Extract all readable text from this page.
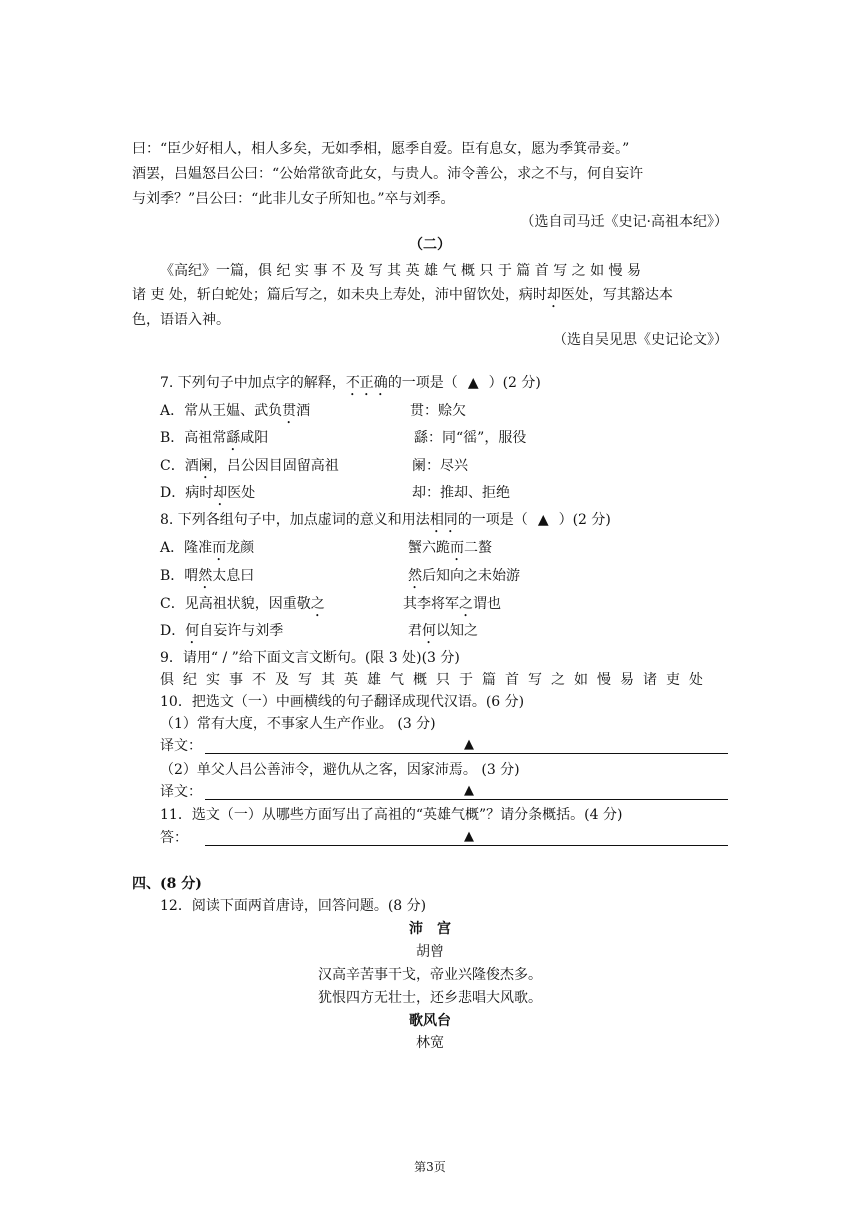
曰：“臣少好相人，相人多矣，无如季相，愿季自爱。臣有息女，愿为季箕帚妾。”
酒罢，吕媪怒吕公曰：“公始常欲奇此女，与贵人。沛令善公，求之不与，何自妄许
与刘季？”吕公曰：“此非儿女子所知也。”卒与刘季。
（选自司马迁《史记·高祖本纪》）
（二）
《高纪》一篇，俱 纪 实 事 不 及 写 其 英 雄 气 概 只 于 篇 首 写 之 如 慢 易
诸 吏 处，斩白蛇处；篇后写之，如未央上寿处，沛中留饮处，病时却医处，写其豁达本
色，语语入神。
（选自吴见思《史记论文》）
7. 下列句子中加点字的解释，不正确的一项是（ ▲ ）(2 分)
A．常从王媪、武负贯酒	贯：赊欠
B．高祖常繇咸阳	繇：同“徭”，服役
C．酒阑，吕公因目固留高祖	阑：尽兴
D．病时却医处	却：推却、拒绝
8. 下列各组句子中，加点虚词的意义和用法相同的一项是（ ▲ ）(2 分)
A．隆准而龙颜	蟹六跪而二螯
B．喟然太息曰	然后知向之未始游
C．见高祖状貌，因重敬之	其李将军之谓也
D．何自妄许与刘季	君何以知之
9．请用“ / ”给下面文言文断句。(限 3 处)(3 分)
俱纪实事不及写其英雄气概只于篇首写之如慢易诸吏处
10．把选文（一）中画横线的句子翻译成现代汉语。(6 分)
（1）常有大度，不事家人生产作业。 (3 分)
译文：	▲
（2）单父人吕公善沛令，避仇从之客，因家沛焉。 (3 分)
译文：	▲
11．选文（一）从哪些方面写出了高祖的“英雄气概”？请分条概括。(4 分)
答：	▲
四、(8 分)
12．阅读下面两首唐诗，回答问题。(8 分)
沛　宫
胡曾
汉高辛苦事干戈，帝业兴隆俊杰多。
犹恨四方无壮士，还乡悲唱大风歌。
歌风台
林宽
第3页
